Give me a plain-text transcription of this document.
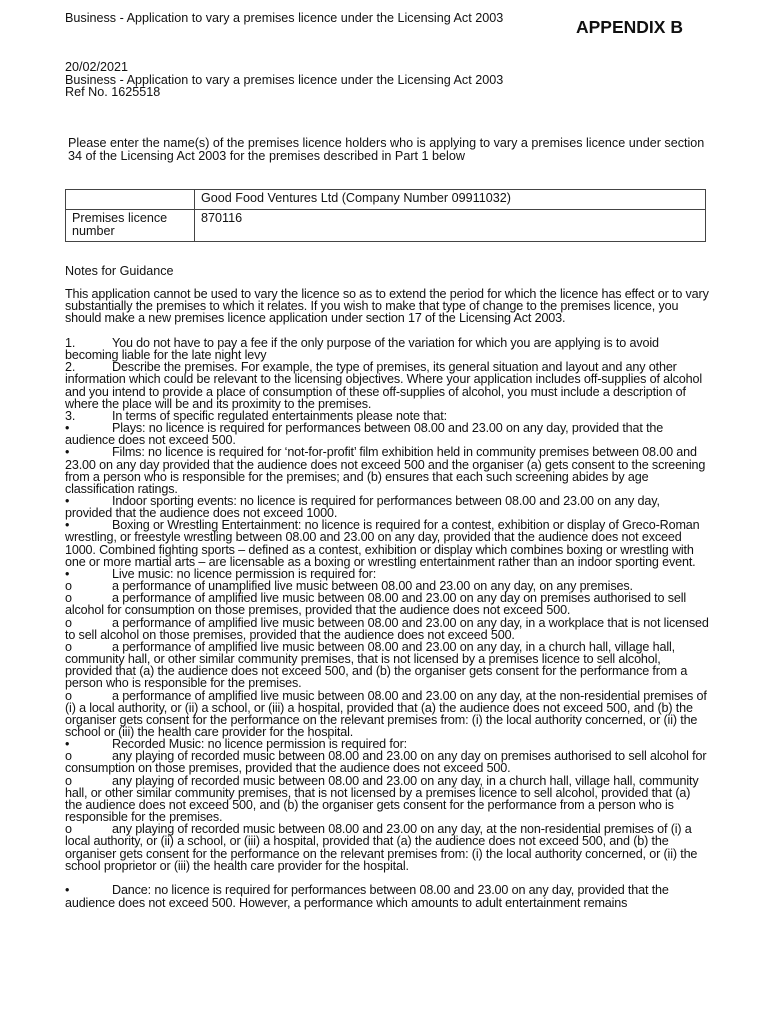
Business - Application to vary a premises licence under the Licensing Act 2003	APPENDIX B
20/02/2021
Business - Application to vary a premises licence under the Licensing Act 2003
Ref No. 1625518
Please enter the name(s) of the premises licence holders who is applying to vary a premises licence under section 34 of the Licensing Act 2003 for the premises described in Part 1 below
	Good Food Ventures Ltd (Company Number 09911032)
Premises licence number	870116
Notes for Guidance

This application cannot be used to vary the licence so as to extend the period for which the licence has effect or to vary substantially the premises to which it relates. If you wish to make that type of change to the premises licence, you should make a new premises licence application under section 17 of the Licensing Act 2003.

1.	You do not have to pay a fee if the only purpose of the variation for which you are applying is to avoid becoming liable for the late night levy

2.	Describe the premises. For example, the type of premises, its general situation and layout and any other information which could be relevant to the licensing objectives. Where your application includes off-supplies of alcohol and you intend to provide a place of consumption of these off-supplies of alcohol, you must include a description of where the place will be and its proximity to the premises.

3.	In terms of specific regulated entertainments please note that:

•	Plays: no licence is required for performances between 08.00 and 23.00 on any day, provided that the audience does not exceed 500.

•	Films: no licence is required for ‘not-for-profit’ film exhibition held in community premises between 08.00 and 23.00 on any day provided that the audience does not exceed 500 and the organiser (a) gets consent to the screening from a person who is responsible for the premises; and (b) ensures that each such screening abides by age classification ratings.

•	Indoor sporting events: no licence is required for performances between 08.00 and 23.00 on any day, provided that the audience does not exceed 1000.

•	Boxing or Wrestling Entertainment: no licence is required for a contest, exhibition or display of Greco-Roman wrestling, or freestyle wrestling between 08.00 and 23.00 on any day, provided that the audience does not exceed 1000. Combined fighting sports – defined as a contest, exhibition or display which combines boxing or wrestling with one or more martial arts – are licensable as a boxing or wrestling entertainment rather than an indoor sporting event.

•	Live music: no licence permission is required for:

o	a performance of unamplified live music between 08.00 and 23.00 on any day, on any premises.

o	a performance of amplified live music between 08.00 and 23.00 on any day on premises authorised to sell alcohol for consumption on those premises, provided that the audience does not exceed 500.

o	a performance of amplified live music between 08.00 and 23.00 on any day, in a workplace that is not licensed to sell alcohol on those premises, provided that the audience does not exceed 500.

o	a performance of amplified live music between 08.00 and 23.00 on any day, in a church hall, village hall, community hall, or other similar community premises, that is not licensed by a premises licence to sell alcohol, provided that (a) the audience does not exceed 500, and (b) the organiser gets consent for the performance from a person who is responsible for the premises.

o	a performance of amplified live music between 08.00 and 23.00 on any day, at the non-residential premises of (i) a local authority, or (ii) a school, or (iii) a hospital, provided that (a) the audience does not exceed 500, and (b) the organiser gets consent for the performance on the relevant premises from: (i) the local authority concerned, or (ii) the school or (iii) the health care provider for the hospital.

•	Recorded Music: no licence permission is required for:

o	any playing of recorded music between 08.00 and 23.00 on any day on premises authorised to sell alcohol for consumption on those premises, provided that the audience does not exceed 500.

o	any playing of recorded music between 08.00 and 23.00 on any day, in a church hall, village hall, community hall, or other similar community premises, that is not licensed by a premises licence to sell alcohol, provided that (a) the audience does not exceed 500, and (b) the organiser gets consent for the performance from a person who is responsible for the premises.

o	any playing of recorded music between 08.00 and 23.00 on any day, at the non-residential premises of (i) a local authority, or (ii) a school, or (iii) a hospital, provided that (a) the audience does not exceed 500, and (b) the organiser gets consent for the performance on the relevant premises from: (i) the local authority concerned, or (ii) the school proprietor or (iii) the health care provider for the hospital.

•	Dance: no licence is required for performances between 08.00 and 23.00 on any day, provided that the audience does not exceed 500. However, a performance which amounts to adult entertainment remains
